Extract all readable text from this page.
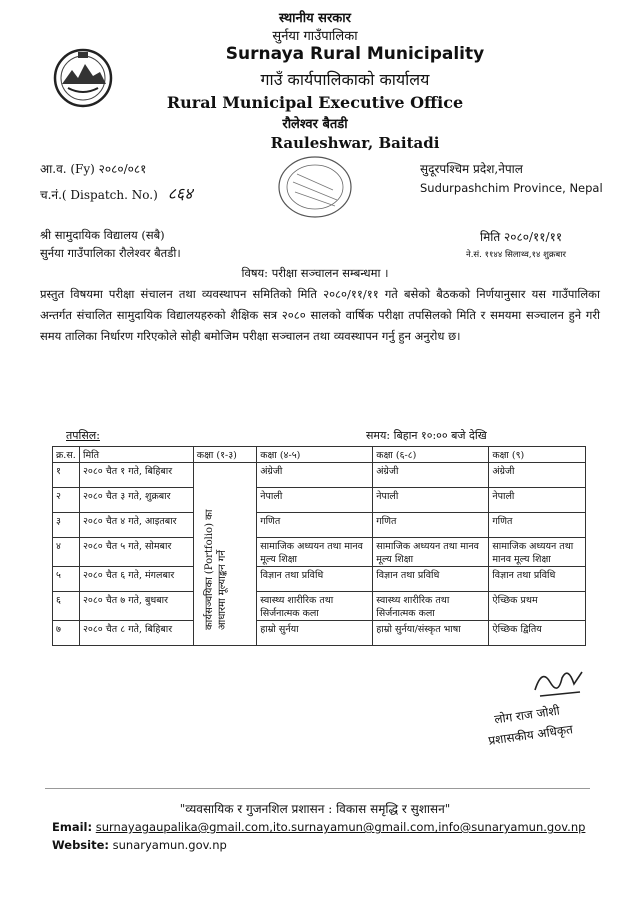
स्थानीय सरकार
सुर्नया गाउँपालिका
Surnaya Rural Municipality
गाउँ कार्यपालिकाको कार्यालय
Rural Municipal Executive Office
रौलेश्वर बैतडी
Rauleshwar, Baitadi
आ.व. (Fy) २०८०/०८१
च.नं.( Dispatch. No.) ८६४
सुदूरपश्चिम प्रदेश,नेपाल
Sudurpashchim Province, Nepal
श्री सामुदायिक विद्यालय (सबै)
सुर्नया गाउँपालिका रौलेश्वर बैतडी।
मिति २०८०/११/११
ने.सं. ११४४ सिलाथ्व,१४ शुक्रबार
विषय: परीक्षा सञ्चालन सम्बन्धमा ।
प्रस्तुत विषयमा परीक्षा संचालन तथा व्यवस्थापन समितिको मिति २०८०/११/११ गते बसेको बैठकको निर्णयानुसार यस गाउँपालिका अन्तर्गत संचालित सामुदायिक विद्यालयहरुको शैक्षिक सत्र २०८० सालको वार्षिक परीक्षा तपसिलको मिति र समयमा सञ्चालन हुने गरी समय तालिका निर्धारण गरिएकोले सोही बमोजिम परीक्षा सञ्चालन तथा व्यवस्थापन गर्नु हुन अनुरोध छ।
तपसिल:	समय: बिहान १०:०० बजे देखि
क्र.स.	मिति	कक्षा (१-३)	कक्षा (४-५)	कक्षा (६-८)	कक्षा (९)
१	२०८० चैत १ गते, बिहिबार		अंग्रेजी	अंग्रेजी	अंग्रेजी
२	२०८० चैत ३ गते, शुक्रबार		नेपाली	नेपाली	नेपाली
३	२०८० चैत ४ गते, आइतबार		गणित	गणित	गणित
४	२०८० चैत ५ गते, सोमबार		सामाजिक अध्ययन तथा मानव मूल्य शिक्षा	सामाजिक अध्ययन तथा मानव मूल्य शिक्षा	सामाजिक अध्ययन तथा मानव मूल्य शिक्षा
५	२०८० चैत ६ गते, मंगलबार		विज्ञान तथा प्रविधि	विज्ञान तथा प्रविधि	विज्ञान तथा प्रविधि
६	२०८० चैत ७ गते, बुधबार		स्वास्थ्य शारीरिक तथा सिर्जनात्मक कला	स्वास्थ्य शारीरिक तथा सिर्जनात्मक कला	ऐच्छिक प्रथम
७	२०८० चैत ८ गते, बिहिबार		हाम्रो सुर्नया	हाम्रो सुर्नया/संस्कृत भाषा	ऐच्छिक द्वितिय
कार्यसञ्चयिका (Portfolio) का आधारमा मूल्याङ्कन गर्ने
लोग राज जोशी
प्रशासकीय अधिकृत
"व्यवसायिक र गुजनशिल प्रशासन : विकास समृद्धि र सुशासन"
Email: surnayagaupalika@gmail.com,ito.surnayamun@gmail.com,info@sunaryamun.gov.np
Website: sunaryamun.gov.np
